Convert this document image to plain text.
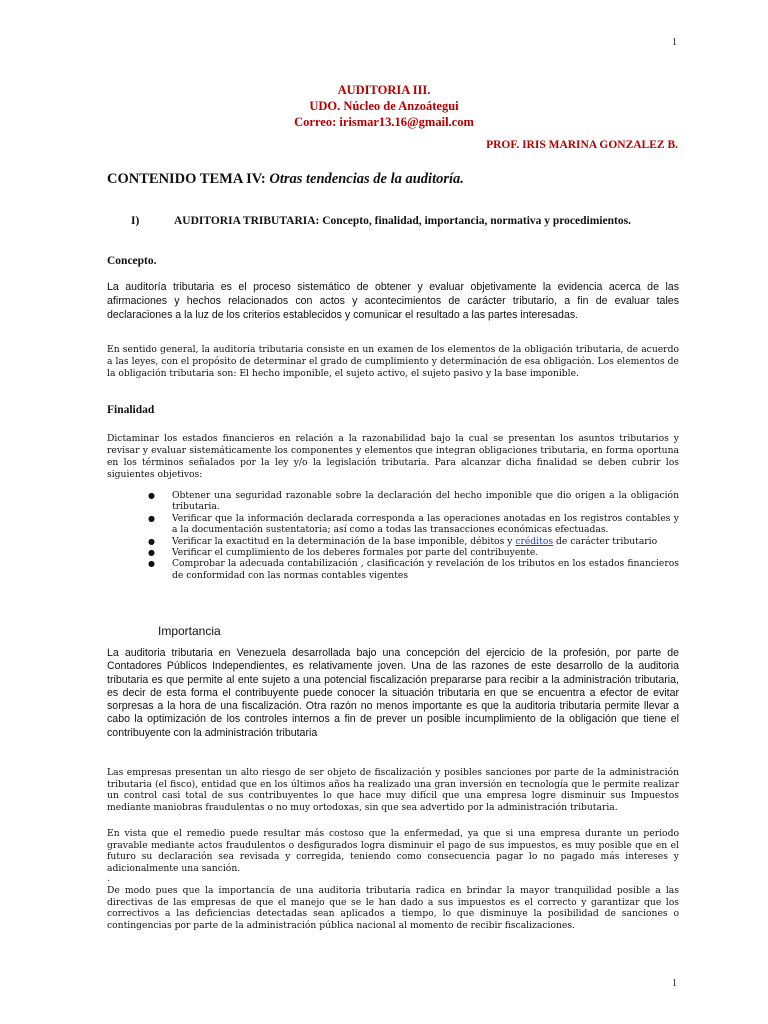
1
AUDITORIA III.
UDO. Núcleo de Anzoátegui
Correo: irismar13.16@gmail.com
PROF. IRIS MARINA GONZALEZ B.
CONTENIDO TEMA IV: Otras tendencias de la auditoría.
I)	AUDITORIA TRIBUTARIA: Concepto, finalidad, importancia, normativa y procedimientos.
Concepto.
La auditoría tributaria es el proceso sistemático de obtener y evaluar objetivamente la evidencia acerca de las afirmaciones y hechos relacionados con actos y acontecimientos de carácter tributario, a fin de evaluar tales declaraciones a la luz de los criterios establecidos y comunicar el resultado a las partes interesadas.
En sentido general, la auditoria tributaria consiste en un examen de los elementos de la obligación tributaria, de acuerdo a las leyes, con el propósito de determinar el grado de cumplimiento y determinación de esa obligación. Los elementos de la obligación tributaria son: El hecho imponible, el sujeto activo, el sujeto pasivo y la base imponible.
Finalidad
Dictaminar los estados financieros en relación a la razonabilidad bajo la cual se presentan los asuntos tributarios y revisar y evaluar sistemáticamente los componentes y elementos que integran obligaciones tributaria, en forma oportuna en los términos señalados por la ley y/o la legislación tributaria. Para alcanzar dicha finalidad se deben cubrir los siguientes objetivos:
● Obtener una seguridad razonable sobre la declaración del hecho imponible que dio origen a la obligación tributaria.
● Verificar que la información declarada corresponda a las operaciones anotadas en los registros contables y a la documentación sustentatoria; así como a todas las transacciones económicas efectuadas.
● Verificar la exactitud en la determinación de la base imponible, débitos y créditos de carácter tributario
● Verificar el cumplimiento de los deberes formales por parte del contribuyente.
● Comprobar la adecuada contabilización , clasificación y revelación de los tributos en los estados financieros de conformidad con las normas contables vigentes
Importancia
La auditoria tributaria en Venezuela desarrollada bajo una concepción del ejercicio de la profesión, por parte de Contadores Públicos Independientes, es relativamente joven. Una de las razones de este desarrollo de la auditoria tributaria es que permite al ente sujeto a una potencial fiscalización prepararse para recibir a la administración tributaria, es decir de esta forma el contribuyente puede conocer la situación tributaria en que se encuentra a efector de evitar sorpresas a la hora de una fiscalización. Otra razón no menos importante es que la auditoria tributaria permite llevar a cabo la optimización de los controles internos a fin de prever un posible incumplimiento de la obligación que tiene el contribuyente con la administración tributaria
Las empresas presentan un alto riesgo de ser objeto de fiscalización y posibles sanciones por parte de la administración tributaria (el fisco), entidad que en los últimos años ha realizado una gran inversión en tecnología que le permite realizar un control casi total de sus contribuyentes lo que hace muy difícil que una empresa logre disminuir sus Impuestos mediante maniobras fraudulentas o no muy ortodoxas, sin que sea advertido por la administración tributaria.
En vista que el remedio puede resultar más costoso que la enfermedad, ya que si una empresa durante un periodo gravable mediante actos fraudulentos o desfigurados logra disminuir el pago de sus impuestos, es muy posible que en el futuro su declaración sea revisada y corregida, teniendo como consecuencia pagar lo no pagado más intereses y adicionalmente una sanción.
.
De modo pues que la importancia de una auditoria tributaria radica en brindar la mayor tranquilidad posible a las directivas de las empresas de que el manejo que se le han dado a sus impuestos es el correcto y garantizar que los correctivos a las deficiencias detectadas sean aplicados a tiempo, lo que disminuye la posibilidad de sanciones o contingencias por parte de la administración pública nacional al momento de recibir fiscalizaciones.
1
